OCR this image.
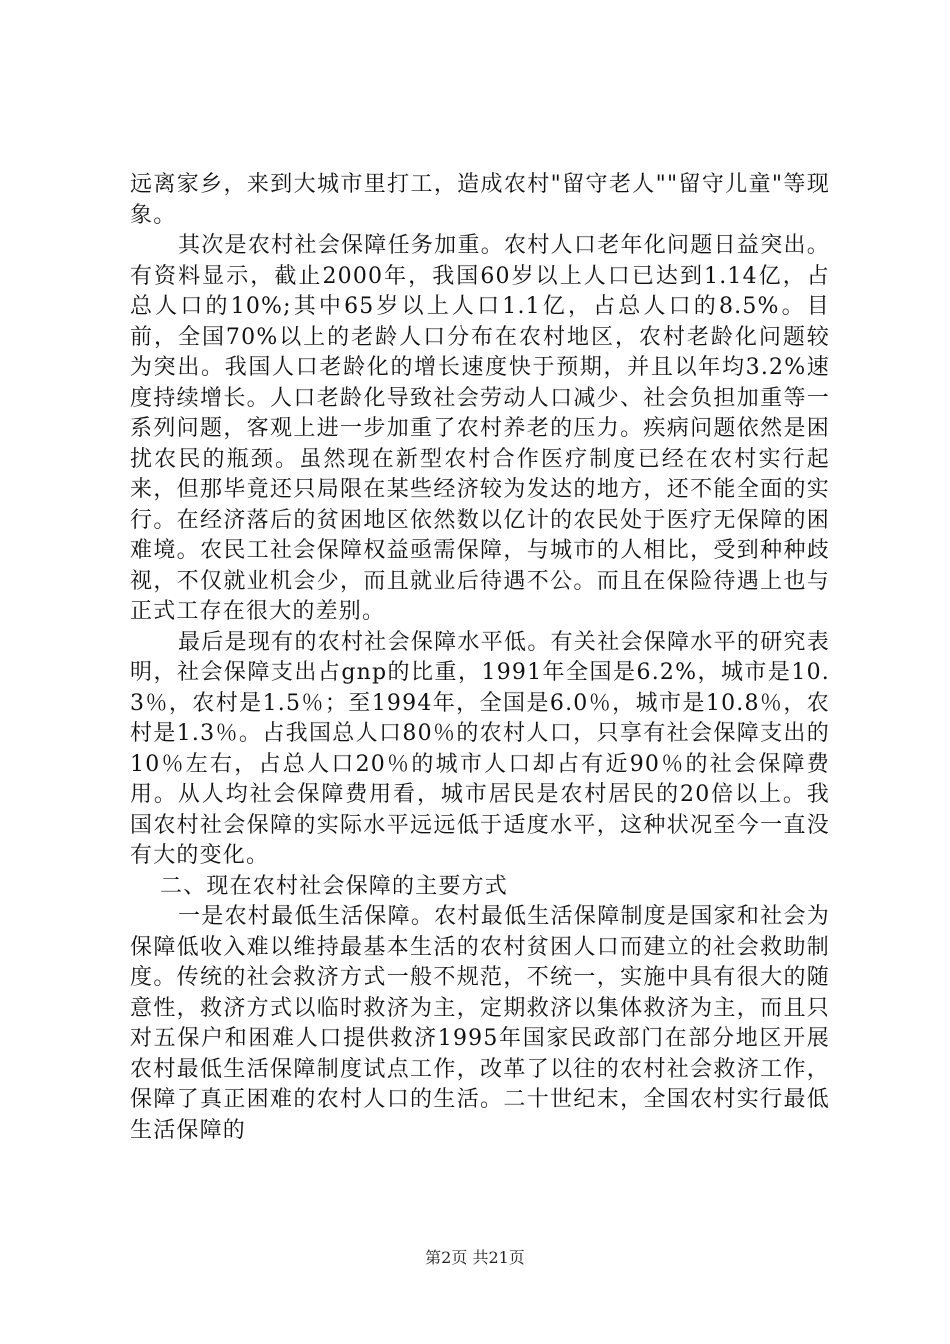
远离家乡，来到大城市里打工，造成农村"留守老人""留守儿童"等现象。

其次是农村社会保障任务加重。农村人口老年化问题日益突出。有资料显示，截止2000年，我国60岁以上人口已达到1.14亿，占总人口的10%;其中65岁以上人口1.1亿，占总人口的8.5%。目前，全国70%以上的老龄人口分布在农村地区，农村老龄化问题较为突出。我国人口老龄化的增长速度快于预期，并且以年均3.2%速度持续增长。人口老龄化导致社会劳动人口减少、社会负担加重等一系列问题，客观上进一步加重了农村养老的压力。疾病问题依然是困扰农民的瓶颈。虽然现在新型农村合作医疗制度已经在农村实行起来，但那毕竟还只局限在某些经济较为发达的地方，还不能全面的实行。在经济落后的贫困地区依然数以亿计的农民处于医疗无保障的困难境。农民工社会保障权益亟需保障，与城市的人相比，受到种种歧视，不仅就业机会少，而且就业后待遇不公。而且在保险待遇上也与正式工存在很大的差别。

最后是现有的农村社会保障水平低。有关社会保障水平的研究表明，社会保障支出占gnp的比重，1991年全国是6.2%，城市是10.3％，农村是1.5％；至1994年，全国是6.0％，城市是10.8％，农村是1.3％。占我国总人口80％的农村人口，只享有社会保障支出的10％左右，占总人口20％的城市人口却占有近90％的社会保障费用。从人均社会保障费用看，城市居民是农村居民的20倍以上。我国农村社会保障的实际水平远远低于适度水平，这种状况至今一直没有大的变化。

二、现在农村社会保障的主要方式

一是农村最低生活保障。农村最低生活保障制度是国家和社会为保障低收入难以维持最基本生活的农村贫困人口而建立的社会救助制度。传统的社会救济方式一般不规范，不统一，实施中具有很大的随意性，救济方式以临时救济为主，定期救济以集体救济为主，而且只对五保户和困难人口提供救济1995年国家民政部门在部分地区开展农村最低生活保障制度试点工作，改革了以往的农村社会救济工作，保障了真正困难的农村人口的生活。二十世纪末，全国农村实行最低生活保障的

第2页 共21页
